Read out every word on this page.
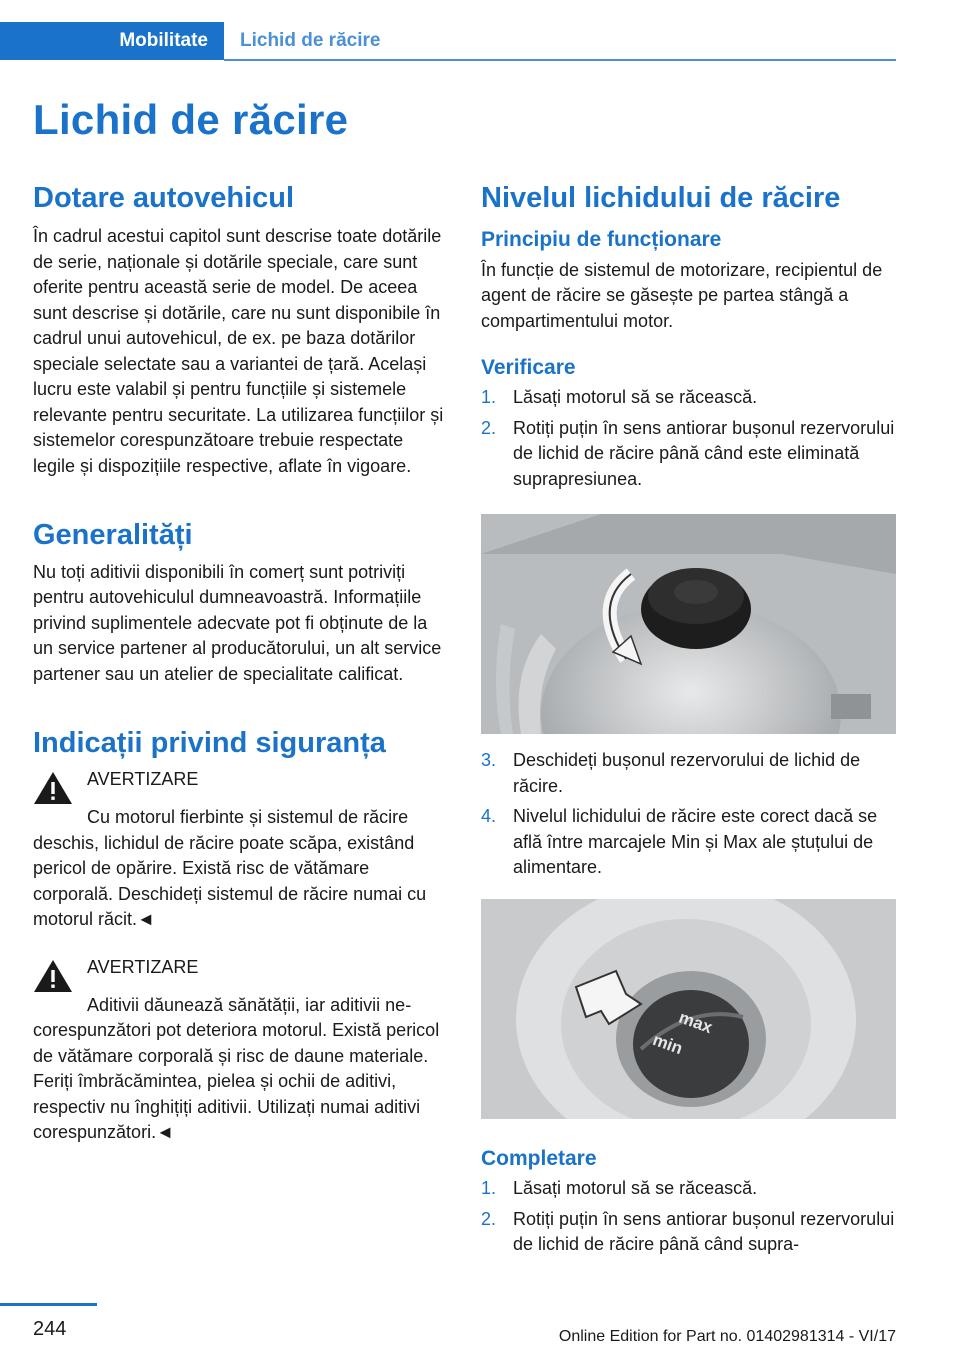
Mobilitate	Lichid de răcire
Lichid de răcire
Dotare autovehicul

În cadrul acestui capitol sunt descrise toate dotările de serie, naționale și dotările speciale, care sunt oferite pentru această serie de model. De aceea sunt descrise și dotările, care nu sunt disponibile în cadrul unui autovehicul, de ex. pe baza dotărilor speciale selectate sau a variantei de țară. Același lucru este valabil și pentru funcțiile și sistemele relevante pentru securitate. La utilizarea funcțiilor și sistemelor corespunzătoare trebuie respectate legile și dispozițiile respective, aflate în vigoare.

Generalități

Nu toți aditivii disponibili în comerț sunt potriviți pentru autovehiculul dumneavoastră. Informațiile privind suplimentele adecvate pot fi obținute de la un service partener al producătorului, un alt service partener sau un atelier de specialitate calificat.

Indicații privind siguranța
AVERTIZARE

Cu motorul fierbinte și sistemul de răcire deschis, lichidul de răcire poate scăpa, existând pericol de opărire. Există risc de vătămare corporală. Deschideți sistemul de răcire numai cu motorul răcit.◄

AVERTIZARE

Aditivii dăunează sănătății, iar aditivii necorespunzători pot deteriora motorul. Există pericol de vătămare corporală și risc de daune materiale. Feriți îmbrăcămintea, pielea și ochii de aditivi, respectiv nu înghițiți aditivii. Utilizați numai aditivi corespunzători.◄

Nivelul lichidului de răcire
Principiu de funcționare

În funcție de sistemul de motorizare, recipientul de agent de răcire se găsește pe partea stângă a compartimentului motor.

Verificare
1. Lăsați motorul să se răcească.
2. Rotiți puțin în sens antiorar bușonul rezervorului de lichid de răcire până când este eliminată suprapresiunea.
3. Deschideți bușonul rezervorului de lichid de răcire.
4. Nivelul lichidului de răcire este corect dacă se află între marcajele Min și Max ale ștuțului de alimentare.
max
min
Completare
1. Lăsați motorul să se răcească.
2. Rotiți puțin în sens antiorar bușonul rezervorului de lichid de răcire până când supra-
244	Online Edition for Part no. 01402981314 - VI/17
